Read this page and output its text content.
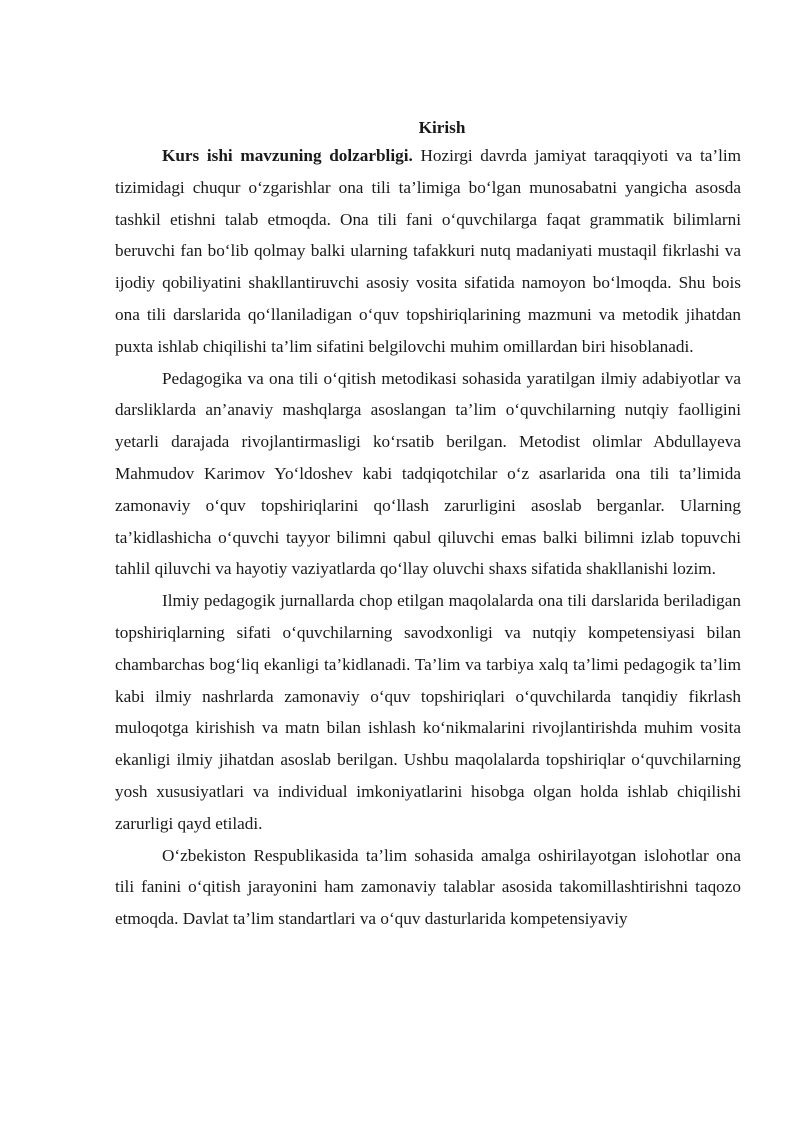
Kirish

Kurs ishi mavzuning dolzarbligi. Hozirgi davrda jamiyat taraqqiyoti va ta’lim tizimidagi chuqur o‘zgarishlar ona tili ta’limiga bo‘lgan munosabatni yangicha asosda tashkil etishni talab etmoqda. Ona tili fani o‘quvchilarga faqat grammatik bilimlarni beruvchi fan bo‘lib qolmay balki ularning tafakkuri nutq madaniyati mustaqil fikrlashi va ijodiy qobiliyatini shakllantiruvchi asosiy vosita sifatida namoyon bo‘lmoqda. Shu bois ona tili darslarida qo‘llaniladigan o‘quv topshiriqlarining mazmuni va metodik jihatdan puxta ishlab chiqilishi ta’lim sifatini belgilovchi muhim omillardan biri hisoblanadi.

Pedagogika va ona tili o‘qitish metodikasi sohasida yaratilgan ilmiy adabiyotlar va darsliklarda an’anaviy mashqlarga asoslangan ta’lim o‘quvchilarning nutqiy faolligini yetarli darajada rivojlantirmasligi ko‘rsatib berilgan. Metodist olimlar Abdullayeva Mahmudov Karimov Yo‘ldoshev kabi tadqiqotchilar o‘z asarlarida ona tili ta’limida zamonaviy o‘quv topshiriqlarini qo‘llash zarurligini asoslab berganlar. Ularning ta’kidlashicha o‘quvchi tayyor bilimni qabul qiluvchi emas balki bilimni izlab topuvchi tahlil qiluvchi va hayotiy vaziyatlarda qo‘llay oluvchi shaxs sifatida shakllanishi lozim.

Ilmiy pedagogik jurnallarda chop etilgan maqolalarda ona tili darslarida beriladigan topshiriqlarning sifati o‘quvchilarning savodxonligi va nutqiy kompetensiyasi bilan chambarchas bog‘liq ekanligi ta’kidlanadi. Ta’lim va tarbiya xalq ta’limi pedagogik ta’lim kabi ilmiy nashrlarda zamonaviy o‘quv topshiriqlari o‘quvchilarda tanqidiy fikrlash muloqotga kirishish va matn bilan ishlash ko‘nikmalarini rivojlantirishda muhim vosita ekanligi ilmiy jihatdan asoslab berilgan. Ushbu maqolalarda topshiriqlar o‘quvchilarning yosh xususiyatlari va individual imkoniyatlarini hisobga olgan holda ishlab chiqilishi zarurligi qayd etiladi.

O‘zbekiston Respublikasida ta’lim sohasida amalga oshirilayotgan islohotlar ona tili fanini o‘qitish jarayonini ham zamonaviy talablar asosida takomillashtirishni taqozo etmoqda. Davlat ta’lim standartlari va o‘quv dasturlarida kompetensiyaviy
